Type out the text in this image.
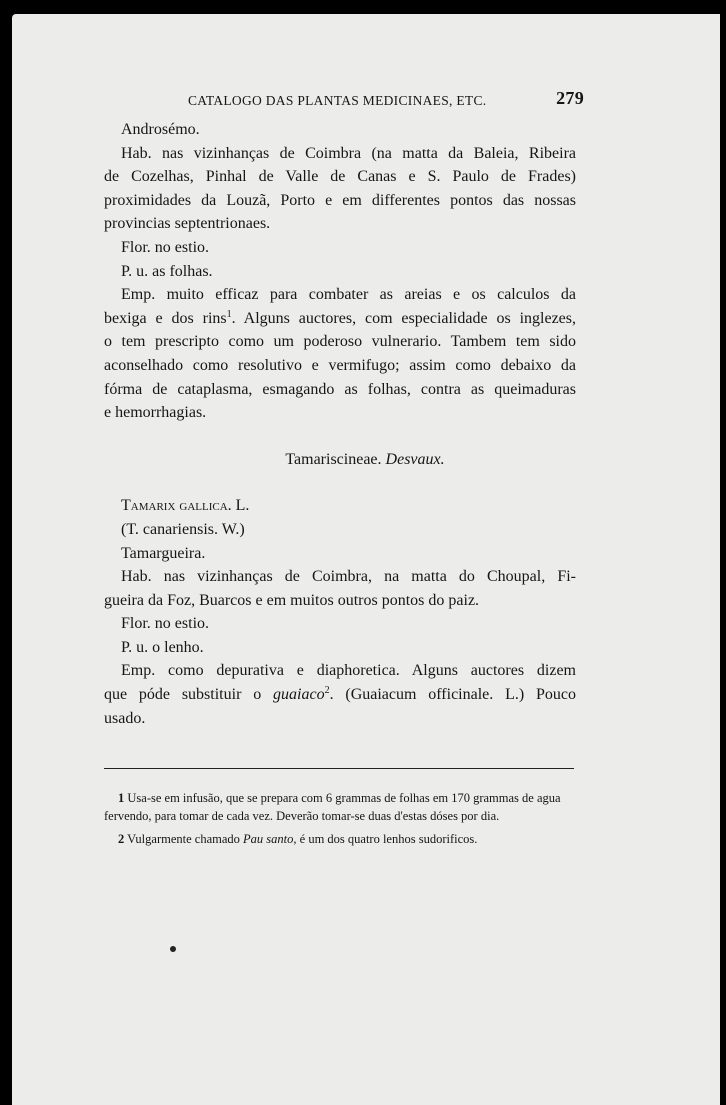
CATALOGO DAS PLANTAS MEDICINAES, ETC.	279

Androsémo.

Hab. nas vizinhanças de Coimbra (na matta da Baleia, Ribeira

de Cozelhas, Pinhal de Valle de Canas e S. Paulo de Frades)

proximidades da Louzã, Porto e em differentes pontos das nossas

provincias septentrionaes.

Flor. no estio.

P. u. as folhas.

Emp. muito efficaz para combater as areias e os calculos da

bexiga e dos rins$^1$. Alguns auctores, com especialidade os inglezes,

o tem prescripto como um poderoso vulnerario. Tambem tem sido

aconselhado como resolutivo e vermifugo; assim como debaixo da

fórma de cataplasma, esmagando as folhas, contra as queimaduras

e hemorrhagias.

Tamariscineae. Desvaux.

Tamarix gallica. L.

(T. canariensis. W.)

Tamargueira.

Hab. nas vizinhanças de Coimbra, na matta do Choupal, Fi-

gueira da Foz, Buarcos e em muitos outros pontos do paiz.

Flor. no estio.

P. u. o lenho.

Emp. como depurativa e diaphoretica. Alguns auctores dizem

que póde substituir o guaiaco$^2$. (Guaiacum officinale. L.) Pouco

usado.

1 Usa-se em infusão, que se prepara com 6 grammas de folhas em 170 grammas de agua fervendo, para tomar de cada vez. Deverão tomar-se duas d'estas dóses por dia.

2 Vulgarmente chamado Pau santo, é um dos quatro lenhos sudorificos.
